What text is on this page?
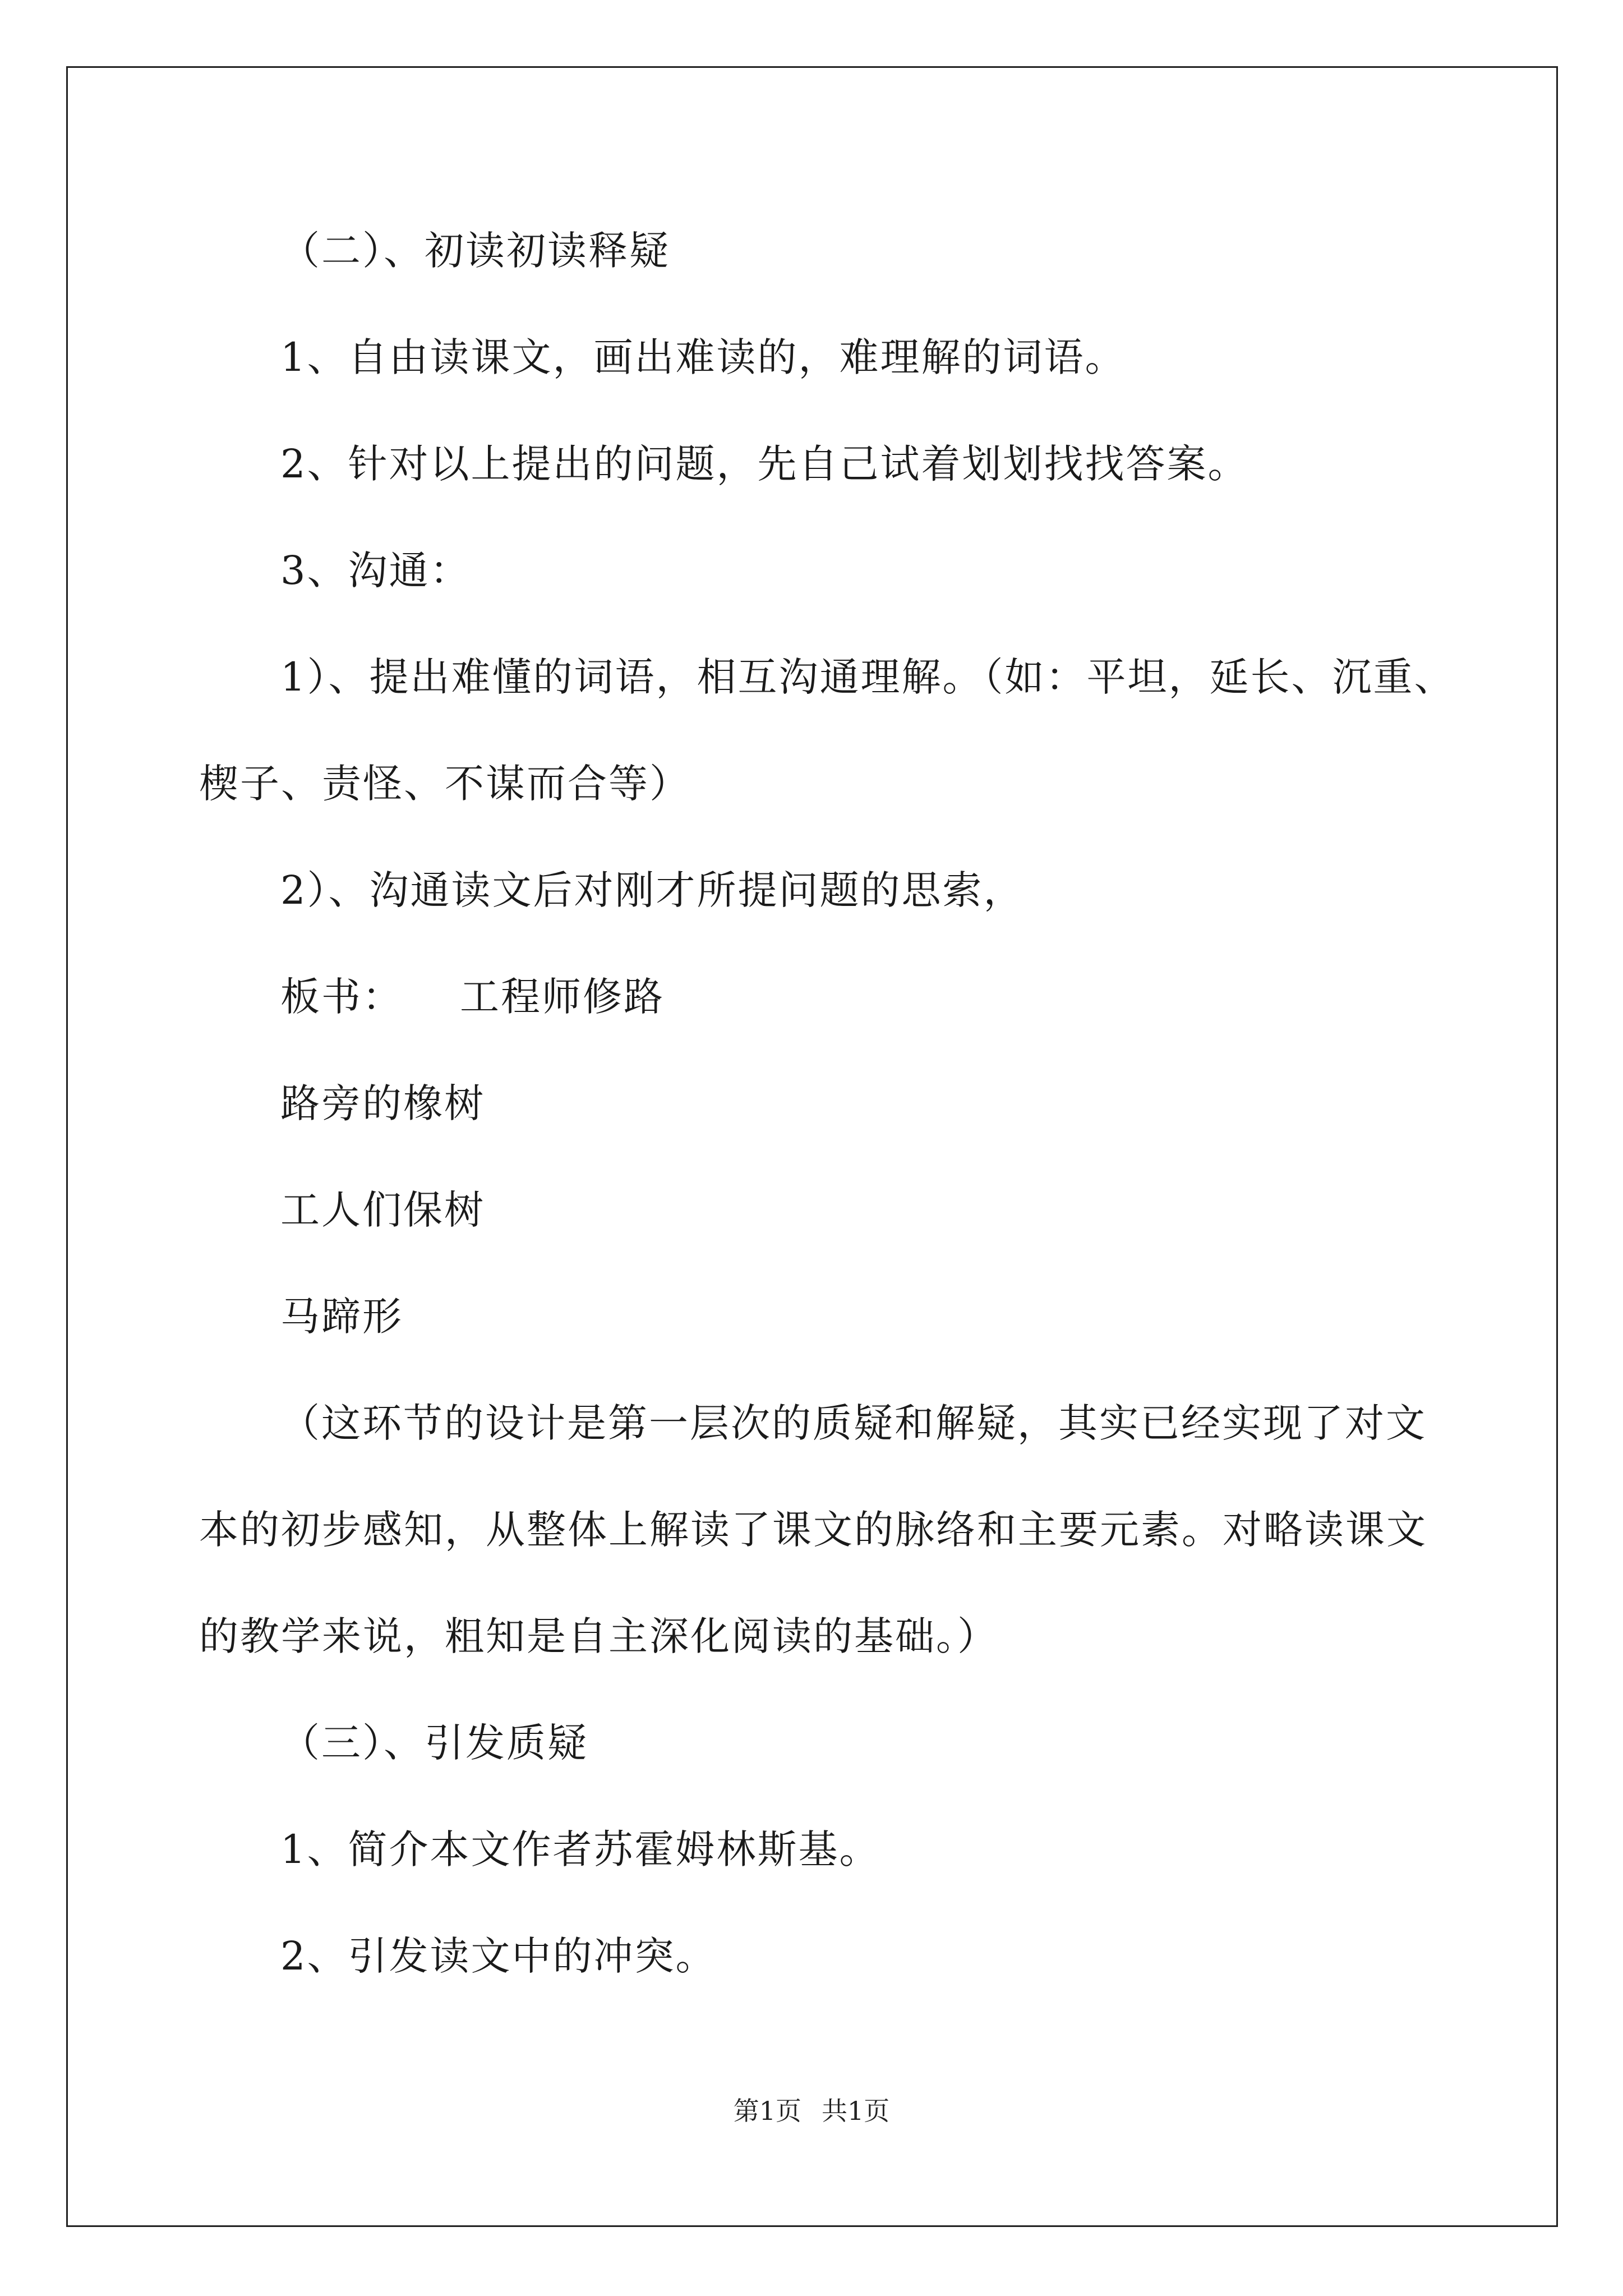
（二）、初读初读释疑
1、自由读课文，画出难读的，难理解的词语。
2、针对以上提出的问题，先自己试着划划找找答案。
3、沟通：
1）、提出难懂的词语，相互沟通理解。（如：平坦，延长、沉重、
楔子、责怪、不谋而合等）
2）、沟通读文后对刚才所提问题的思索，
板书：    工程师修路
路旁的橡树
工人们保树
马蹄形
（这环节的设计是第一层次的质疑和解疑，其实已经实现了对文
本的初步感知，从整体上解读了课文的脉络和主要元素。对略读课文
的教学来说，粗知是自主深化阅读的基础。）
（三）、引发质疑
1、简介本文作者苏霍姆林斯基。
2、引发读文中的冲突。
第1页 共1页
